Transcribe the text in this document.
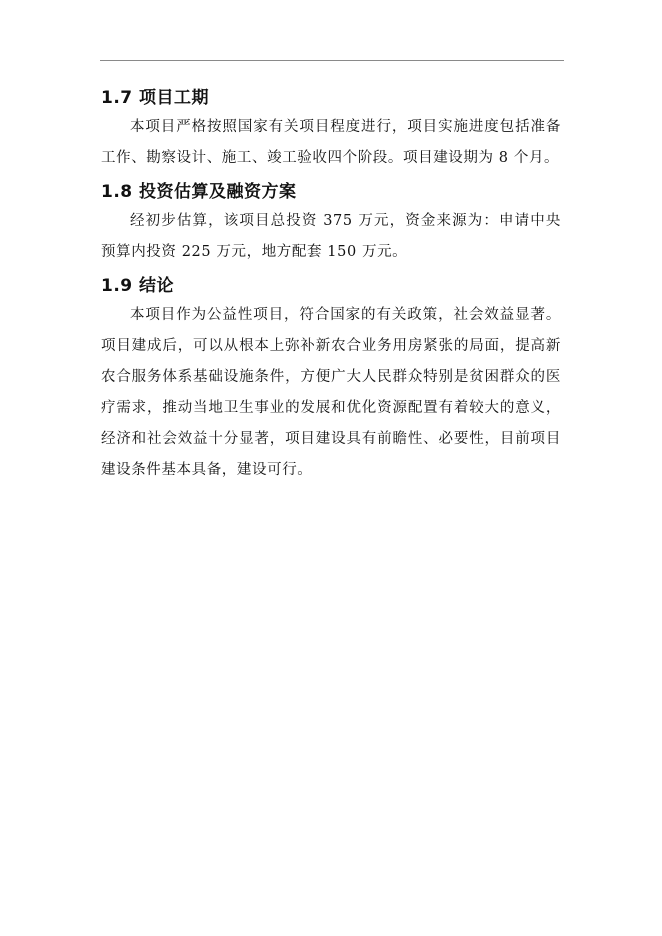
1.7 项目工期

本项目严格按照国家有关项目程度进行，项目实施进度包括准备工作、勘察设计、施工、竣工验收四个阶段。项目建设期为 8 个月。

1.8 投资估算及融资方案

经初步估算，该项目总投资 375 万元，资金来源为：申请中央预算内投资 225 万元，地方配套 150 万元。

1.9 结论

本项目作为公益性项目，符合国家的有关政策，社会效益显著。项目建成后，可以从根本上弥补新农合业务用房紧张的局面，提高新农合服务体系基础设施条件，方便广大人民群众特别是贫困群众的医疗需求，推动当地卫生事业的发展和优化资源配置有着较大的意义，经济和社会效益十分显著，项目建设具有前瞻性、必要性，目前项目建设条件基本具备，建设可行。
